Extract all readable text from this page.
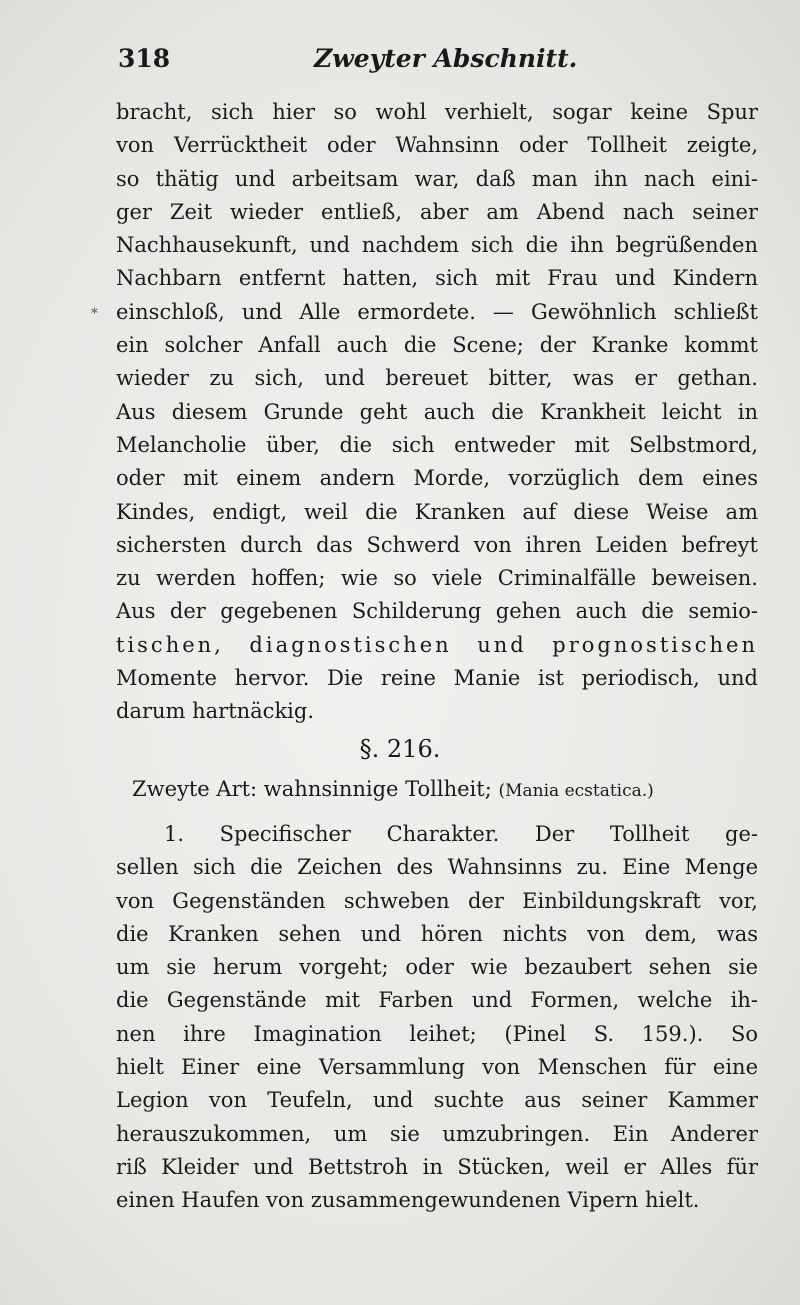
318	Zweyter Abschnitt.
*
bracht, sich hier so wohl verhielt, sogar keine Spur
von Verrücktheit oder Wahnsinn oder Tollheit zeigte,
so thätig und arbeitsam war, daß man ihn nach eini-
ger Zeit wieder entließ, aber am Abend nach seiner
Nachhausekunft, und nachdem sich die ihn begrüßenden
Nachbarn entfernt hatten, sich mit Frau und Kindern
einschloß, und Alle ermordete. — Gewöhnlich schließt
ein solcher Anfall auch die Scene; der Kranke kommt
wieder zu sich, und bereuet bitter, was er gethan.
Aus diesem Grunde geht auch die Krankheit leicht in
Melancholie über, die sich entweder mit Selbstmord,
oder mit einem andern Morde, vorzüglich dem eines
Kindes, endigt, weil die Kranken auf diese Weise am
sichersten durch das Schwerd von ihren Leiden befreyt
zu werden hoffen; wie so viele Criminalfälle beweisen.
Aus der gegebenen Schilderung gehen auch die semio-
tischen, diagnostischen und prognostischen
Momente hervor. Die reine Manie ist periodisch, und
darum hartnäckig.
§. 216.
Zweyte Art: wahnsinnige Tollheit; (Mania ecstatica.)
1. Specifischer Charakter. Der Tollheit ge-
sellen sich die Zeichen des Wahnsinns zu. Eine Menge
von Gegenständen schweben der Einbildungskraft vor,
die Kranken sehen und hören nichts von dem, was
um sie herum vorgeht; oder wie bezaubert sehen sie
die Gegenstände mit Farben und Formen, welche ih-
nen ihre Imagination leihet; (Pinel S. 159.). So
hielt Einer eine Versammlung von Menschen für eine
Legion von Teufeln, und suchte aus seiner Kammer
herauszukommen, um sie umzubringen. Ein Anderer
riß Kleider und Bettstroh in Stücken, weil er Alles für
einen Haufen von zusammengewundenen Vipern hielt.
